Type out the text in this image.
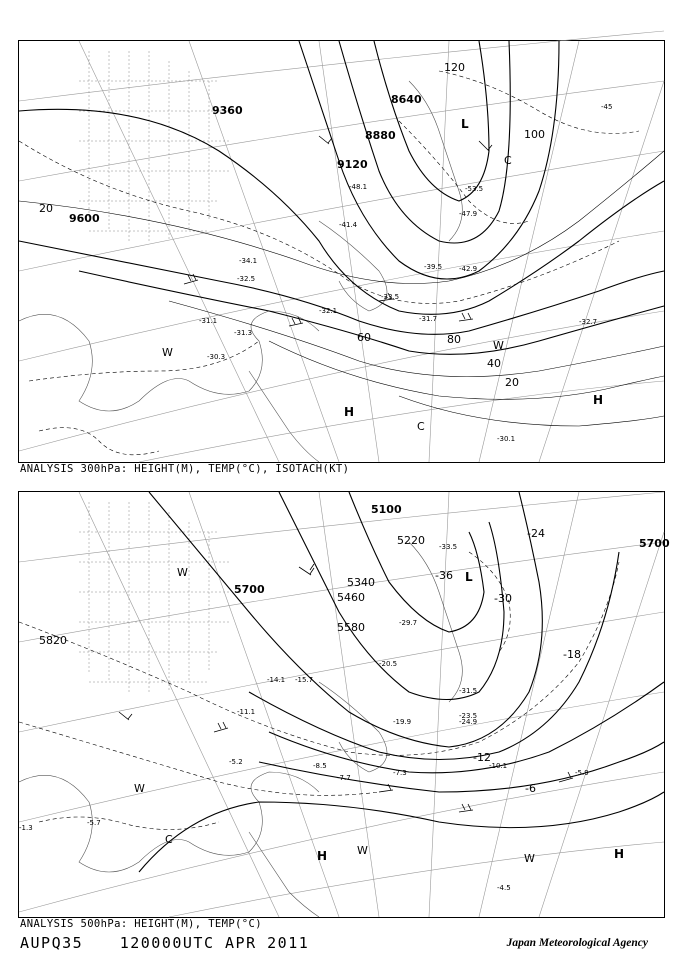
9360
9120
9600
8880
8640
20
20
40
60	80
100
120
-30.3
-30.1
-31.1
-31.3
-31.7
-32.1
-32.5
-32.7
-33.5
-34.1
-39.5
-41.4
-42.9
-45
-47.9
-48.1	-53.5
L
H
H
C
C
W
W
ANALYSIS 300hPa: HEIGHT(M), TEMP(°C), ISOTACH(KT)
5100
5220
5340
5460
5580
5700
5700
5820
-36
-30
-24
-18
-12
-6
-33.5
-31.5
-29.7
-24.9
-23.5
-20.5
-19.9
-15.7
-14.1
-11.1
-10.1
-8.5
-7.7
-7.3	-5.9
-5.7
-5.2
-4.5
-1.3
L
H	H
W
W
W
W
C
ANALYSIS 500hPa: HEIGHT(M), TEMP(°C)
AUPQ35 120000UTC APR 2011	Japan Meteorological Agency
